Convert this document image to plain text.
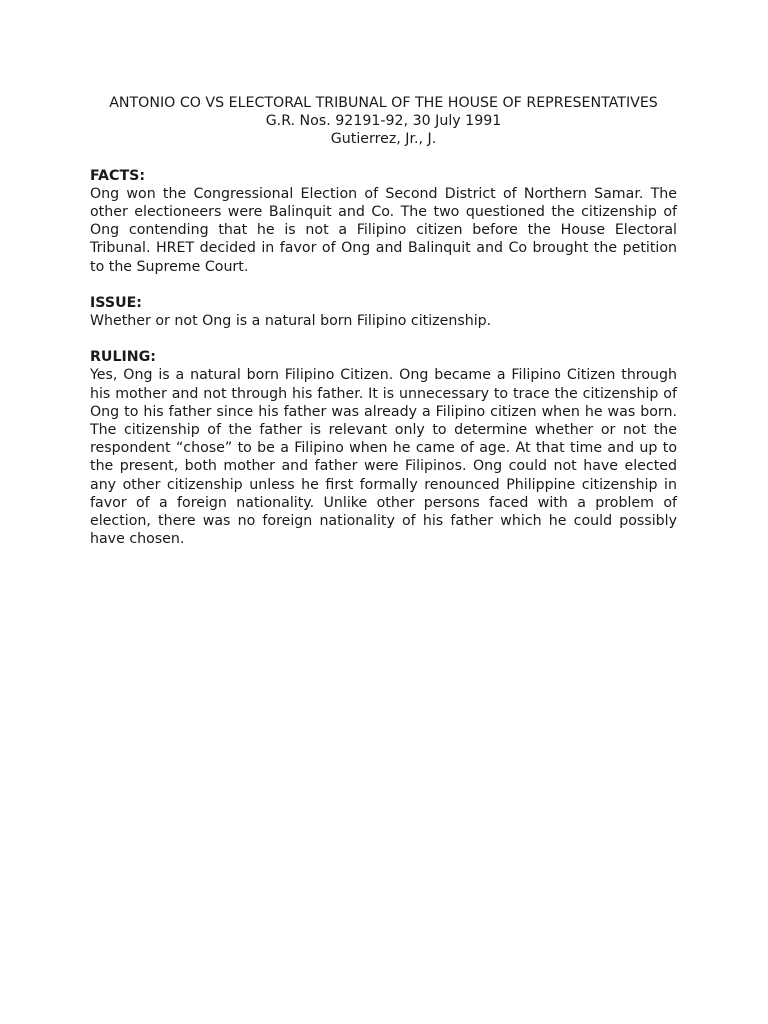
ANTONIO CO VS ELECTORAL TRIBUNAL OF THE HOUSE OF REPRESENTATIVES

G.R. Nos. 92191-92, 30 July 1991

Gutierrez, Jr., J.

FACTS:

Ong won the Congressional Election of Second District of Northern Samar. The other electioneers were Balinquit and Co. The two questioned the citizenship of Ong contending that he is not a Filipino citizen before the House Electoral Tribunal. HRET decided in favor of Ong and Balinquit and Co brought the petition to the Supreme Court.

ISSUE:

Whether or not Ong is a natural born Filipino citizenship.

RULING:

Yes, Ong is a natural born Filipino Citizen. Ong became a Filipino Citizen through his mother and not through his father. It is unnecessary to trace the citizenship of Ong to his father since his father was already a Filipino citizen when he was born. The citizenship of the father is relevant only to determine whether or not the respondent “chose” to be a Filipino when he came of age. At that time and up to the present, both mother and father were Filipinos. Ong could not have elected any other citizenship unless he first formally renounced Philippine citizenship in favor of a foreign nationality. Unlike other persons faced with a problem of election, there was no foreign nationality of his father which he could possibly have chosen.
